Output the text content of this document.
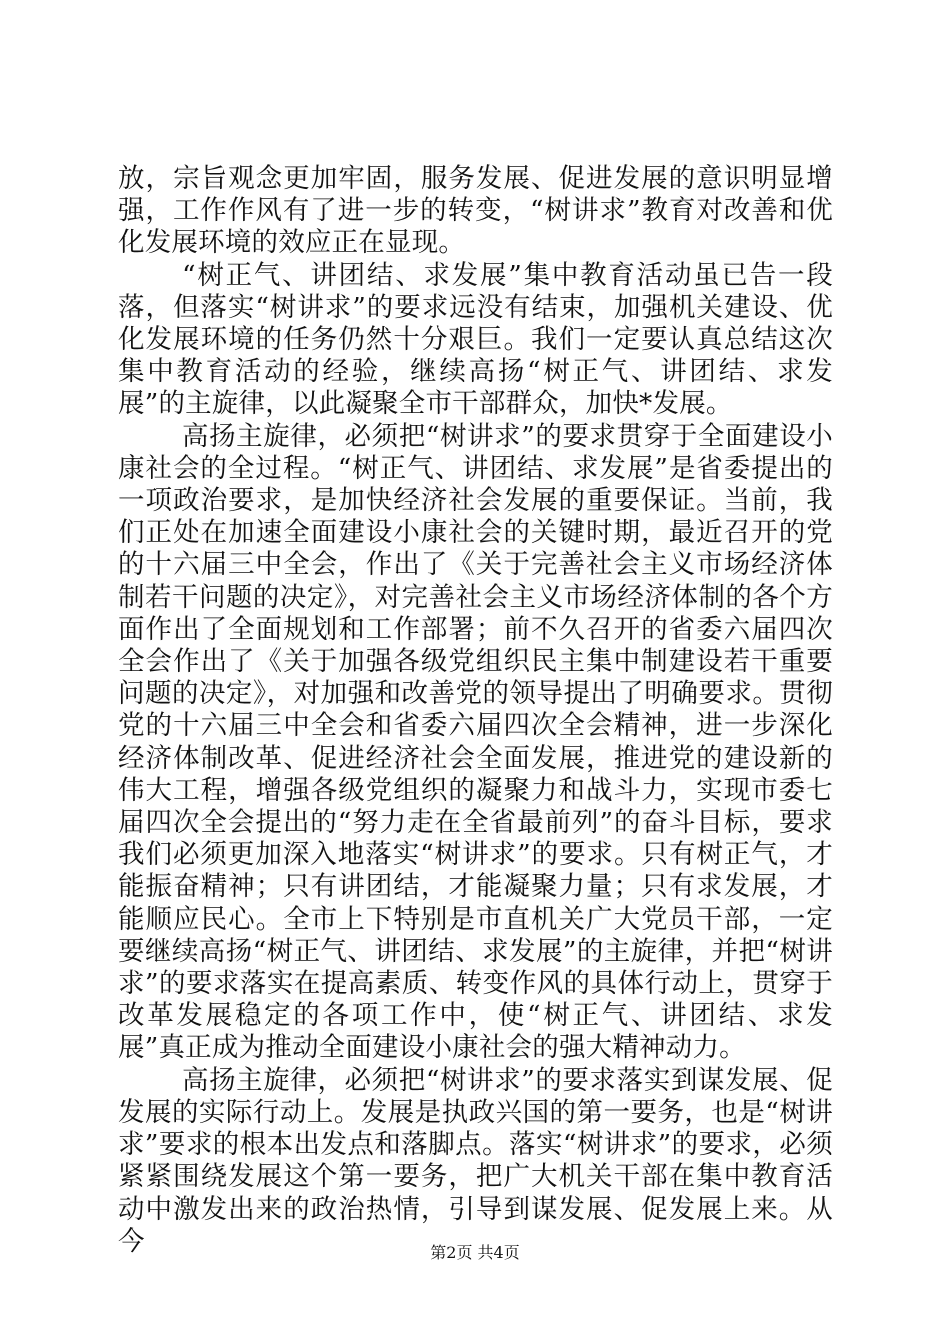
放，宗旨观念更加牢固，服务发展、促进发展的意识明显增强，工作作风有了进一步的转变，“树讲求”教育对改善和优化发展环境的效应正在显现。

“树正气、讲团结、求发展”集中教育活动虽已告一段落，但落实“树讲求”的要求远没有结束，加强机关建设、优化发展环境的任务仍然十分艰巨。我们一定要认真总结这次集中教育活动的经验，继续高扬“树正气、讲团结、求发展”的主旋律，以此凝聚全市干部群众，加快*发展。

高扬主旋律，必须把“树讲求”的要求贯穿于全面建设小康社会的全过程。“树正气、讲团结、求发展”是省委提出的一项政治要求，是加快经济社会发展的重要保证。当前，我们正处在加速全面建设小康社会的关键时期，最近召开的党的十六届三中全会，作出了《关于完善社会主义市场经济体制若干问题的决定》，对完善社会主义市场经济体制的各个方面作出了全面规划和工作部署；前不久召开的省委六届四次全会作出了《关于加强各级党组织民主集中制建设若干重要问题的决定》，对加强和改善党的领导提出了明确要求。贯彻党的十六届三中全会和省委六届四次全会精神，进一步深化经济体制改革、促进经济社会全面发展，推进党的建设新的伟大工程，增强各级党组织的凝聚力和战斗力，实现市委七届四次全会提出的“努力走在全省最前列”的奋斗目标，要求我们必须更加深入地落实“树讲求”的要求。只有树正气，才能振奋精神；只有讲团结，才能凝聚力量；只有求发展，才能顺应民心。全市上下特别是市直机关广大党员干部，一定要继续高扬“树正气、讲团结、求发展”的主旋律，并把“树讲求”的要求落实在提高素质、转变作风的具体行动上，贯穿于改革发展稳定的各项工作中，使“树正气、讲团结、求发展”真正成为推动全面建设小康社会的强大精神动力。

高扬主旋律，必须把“树讲求”的要求落实到谋发展、促发展的实际行动上。发展是执政兴国的第一要务，也是“树讲求”要求的根本出发点和落脚点。落实“树讲求”的要求，必须紧紧围绕发展这个第一要务，把广大机关干部在集中教育活动中激发出来的政治热情，引导到谋发展、促发展上来。从今	第2页 共4页
